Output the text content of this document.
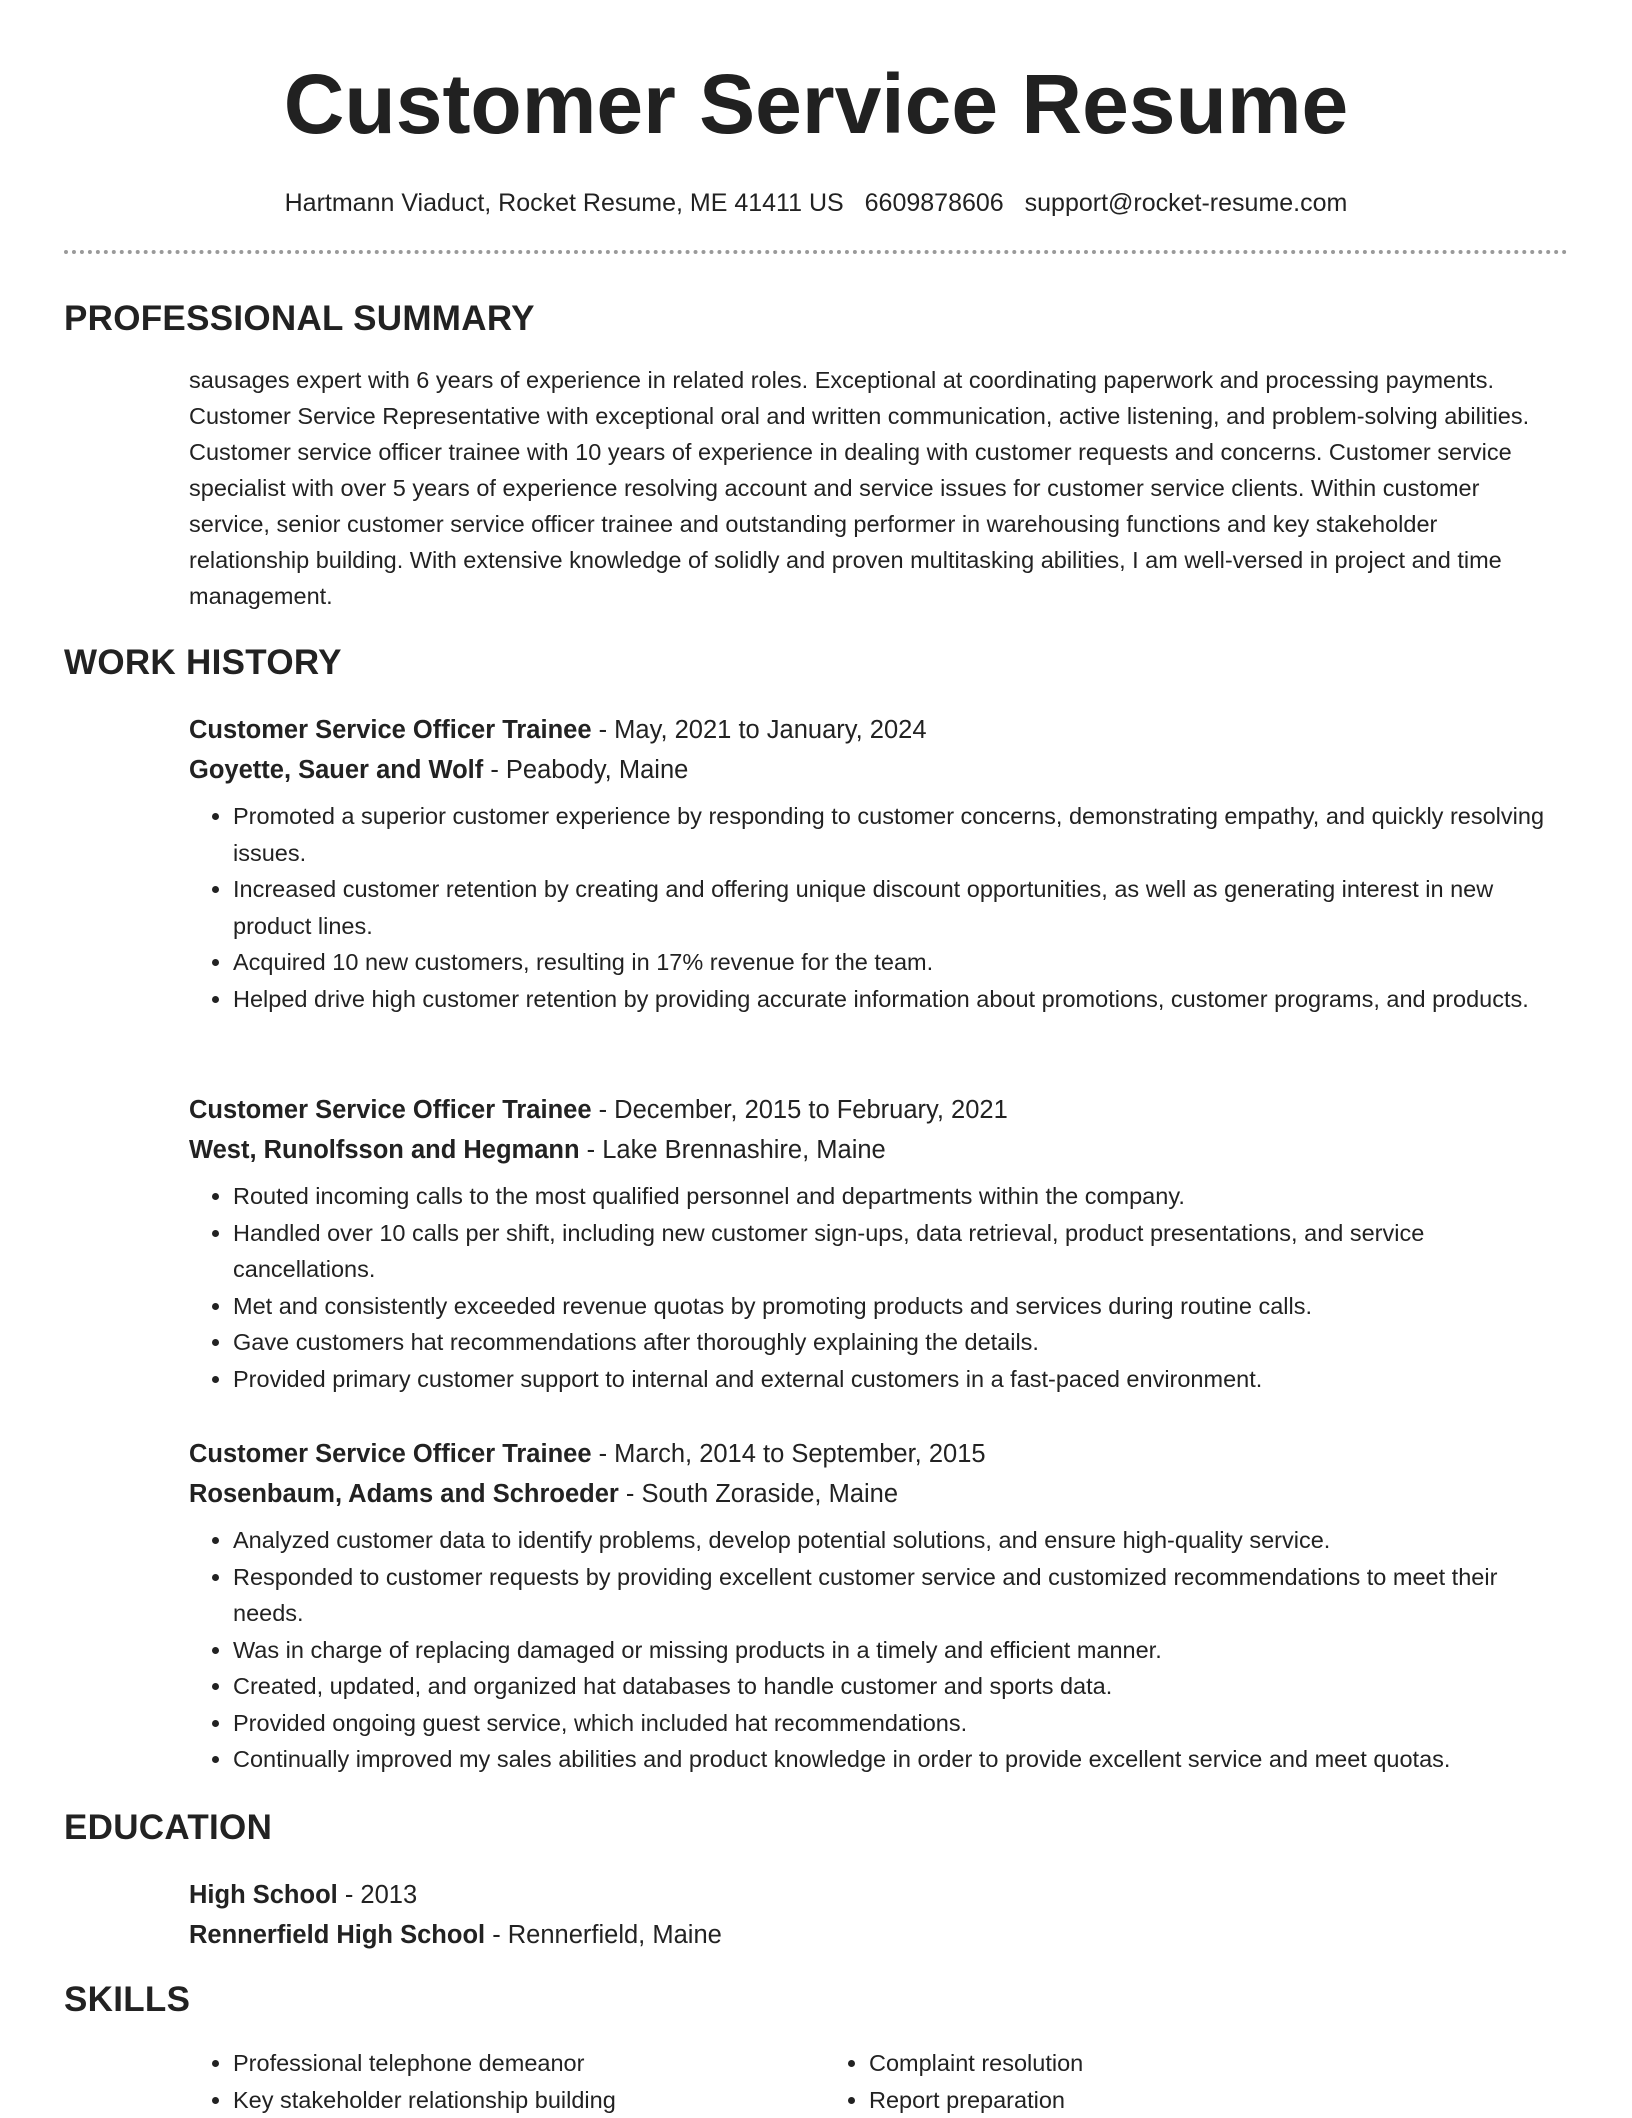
Customer Service Resume
Hartmann Viaduct, Rocket Resume, ME 41411 US 6609878606 support@rocket-resume.com
PROFESSIONAL SUMMARY

sausages expert with 6 years of experience in related roles. Exceptional at coordinating paperwork and processing payments. Customer Service Representative with exceptional oral and written communication, active listening, and problem-solving abilities. Customer service officer trainee with 10 years of experience in dealing with customer requests and concerns. Customer service specialist with over 5 years of experience resolving account and service issues for customer service clients. Within customer service, senior customer service officer trainee and outstanding performer in warehousing functions and key stakeholder relationship building. With extensive knowledge of solidly and proven multitasking abilities, I am well-versed in project and time management.

WORK HISTORY

Customer Service Officer Trainee - May, 2021 to January, 2024

Goyette, Sauer and Wolf - Peabody, Maine

• Promoted a superior customer experience by responding to customer concerns, demonstrating empathy, and quickly resolving issues.
• Increased customer retention by creating and offering unique discount opportunities, as well as generating interest in new product lines.
• Acquired 10 new customers, resulting in 17% revenue for the team.
• Helped drive high customer retention by providing accurate information about promotions, customer programs, and products.

Customer Service Officer Trainee - December, 2015 to February, 2021

West, Runolfsson and Hegmann - Lake Brennashire, Maine

• Routed incoming calls to the most qualified personnel and departments within the company.
• Handled over 10 calls per shift, including new customer sign-ups, data retrieval, product presentations, and service cancellations.
• Met and consistently exceeded revenue quotas by promoting products and services during routine calls.
• Gave customers hat recommendations after thoroughly explaining the details.
• Provided primary customer support to internal and external customers in a fast-paced environment.

Customer Service Officer Trainee - March, 2014 to September, 2015

Rosenbaum, Adams and Schroeder - South Zoraside, Maine

• Analyzed customer data to identify problems, develop potential solutions, and ensure high-quality service.
• Responded to customer requests by providing excellent customer service and customized recommendations to meet their needs.
• Was in charge of replacing damaged or missing products in a timely and efficient manner.
• Created, updated, and organized hat databases to handle customer and sports data.
• Provided ongoing guest service, which included hat recommendations.
• Continually improved my sales abilities and product knowledge in order to provide excellent service and meet quotas.
EDUCATION

High School - 2013

Rennerfield High School - Rennerfield, Maine

SKILLS
• Professional telephone demeanor
• Key stakeholder relationship building
• Complaint resolution
• Report preparation
